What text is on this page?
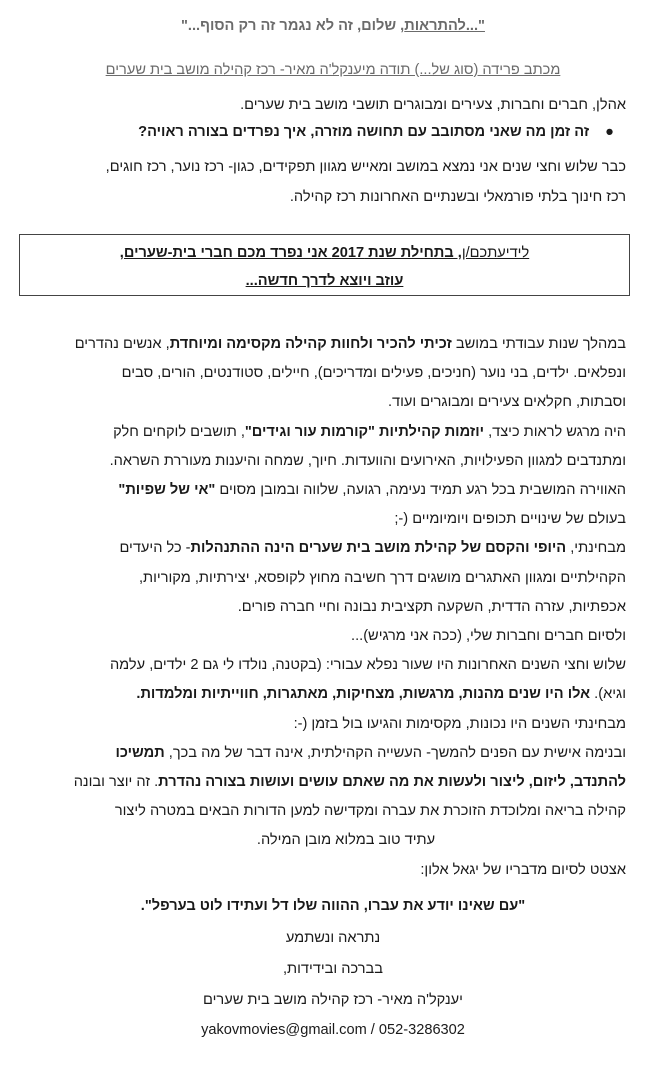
"...להתראות, שלום, זה לא נגמר זה רק הסוף..."
מכתב פרידה (סוג של...) תודה מיענקל'ה מאיר- רכז קהילה מושב בית שערים
אהלן, חברים וחברות, צעירים ומבוגרים תושבי מושב בית שערים.
●זה זמן מה שאני מסתובב עם תחושה מוזרה, איך נפרדים בצורה ראויה?
כבר שלוש וחצי שנים אני נמצא במושב ומאייש מגוון תפקידים, כגון- רכז נוער, רכז חוגים,
רכז חינוך בלתי פורמאלי ובשנתיים האחרונות רכז קהילה.
לידיעתכם/ן, בתחילת שנת 2017 אני נפרד מכם חברי בית-שערים,
עוזב ויוצא לדרך חדשה...
במהלך שנות עבודתי במושב זכיתי להכיר ולחוות קהילה מקסימה ומיוחדת, אנשים נהדרים
ונפלאים. ילדים, בני נוער (חניכים, פעילים ומדריכים), חיילים, סטודנטים, הורים, סבים
וסבתות, חקלאים צעירים ומבוגרים ועוד.
היה מרגש לראות כיצד, יוזמות קהילתיות "קורמות עור וגידים", תושבים לוקחים חלק
ומתנדבים למגוון הפעילויות, האירועים והוועדות. חיוך, שמחה והיענות מעוררת השראה.
האווירה המושבית בכל רגע תמיד נעימה, רגועה, שלווה ובמובן מסוים "אי של שפיות"
בעולם של שינויים תכופים ויומיומיים (-;
מבחינתי, היופי והקסם של קהילת מושב בית שערים הינה ההתנהלות- כל היעדים
הקהילתיים ומגוון האתגרים מושגים דרך חשיבה מחוץ לקופסא, יצירתיות, מקוריות,
אכפתיות, עזרה הדדית, השקעה תקציבית נבונה וחיי חברה פורים.
ולסיום חברים וחברות שלי, (ככה אני מרגיש)...
שלוש וחצי השנים האחרונות היו שעור נפלא עבורי: (בקטנה, נולדו לי גם 2 ילדים, עלמה
וגיא). אלו היו שנים מהנות, מרגשות, מצחיקות, מאתגרות, חווייתיות ומלמדות.
מבחינתי השנים היו נכונות, מקסימות והגיעו בול בזמן (-:
ובנימה אישית עם הפנים להמשך- העשייה הקהילתית, אינה דבר של מה בכך, תמשיכו
להתנדב, ליזום, ליצור ולעשות את מה שאתם עושים ועושות בצורה נהדרת. זה יוצר ובונה
קהילה בריאה ומלוכדת הזוכרת את עברה ומקדישה למען הדורות הבאים במטרה ליצור
עתיד טוב במלוא מובן המילה.
אצטט לסיום מדבריו של יגאל אלון:
"עם שאינו יודע את עברו, ההווה שלו דל ועתידו לוט בערפל".
נתראה ונשתמע
בברכה ובידידות,
יענקל'ה מאיר- רכז קהילה מושב בית שערים
yakovmovies@gmail.com / 052-3286302
